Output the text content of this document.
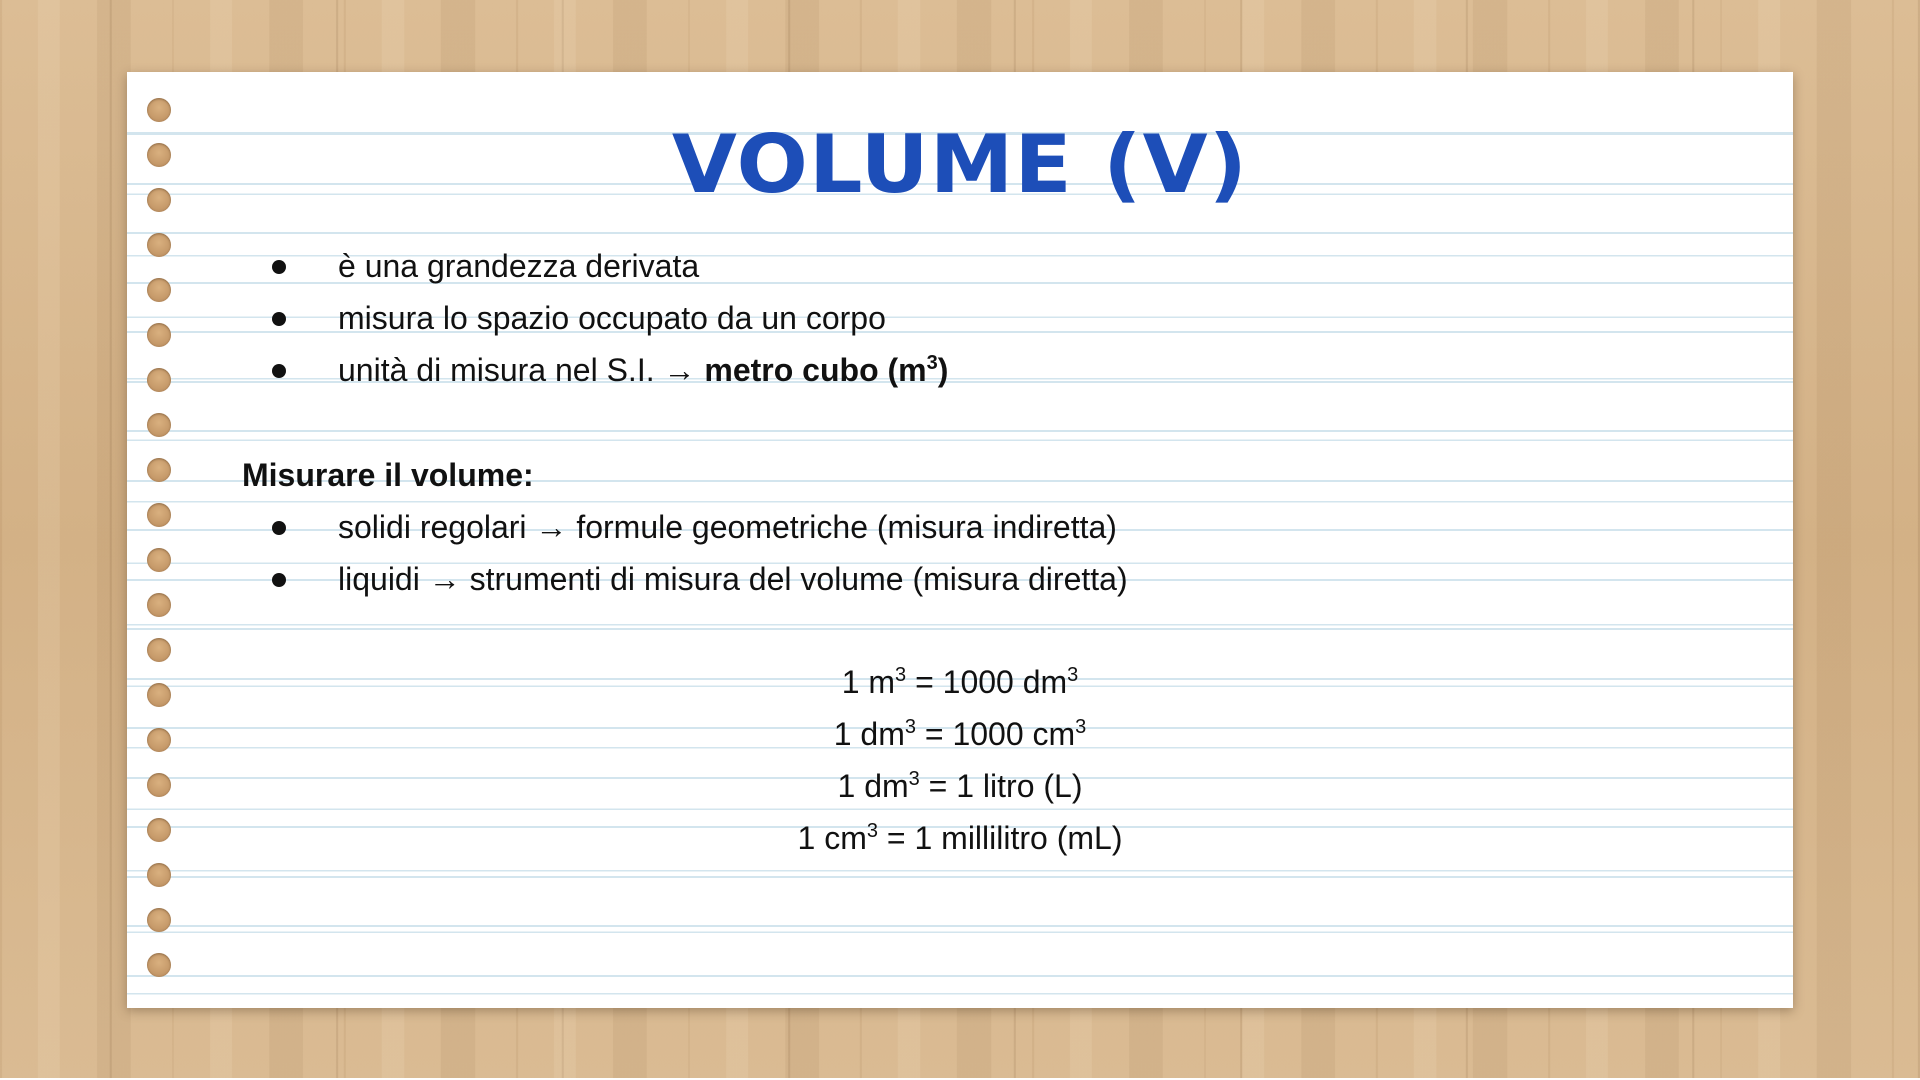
VOLUME (V)
è una grandezza derivata
misura lo spazio occupato da un corpo
unità di misura nel S.I. → metro cubo $(m^3)$
Misurare il volume:
solidi regolari → formule geometriche (misura indiretta)
liquidi → strumenti di misura del volume (misura diretta)
1 $m^3 = 1000$ $dm^3$
1 $dm^3 = 1000$ $cm^3$
1 $dm^3 = 1$ litro (L)
1 $cm^3 = 1$ millilitro (mL)
